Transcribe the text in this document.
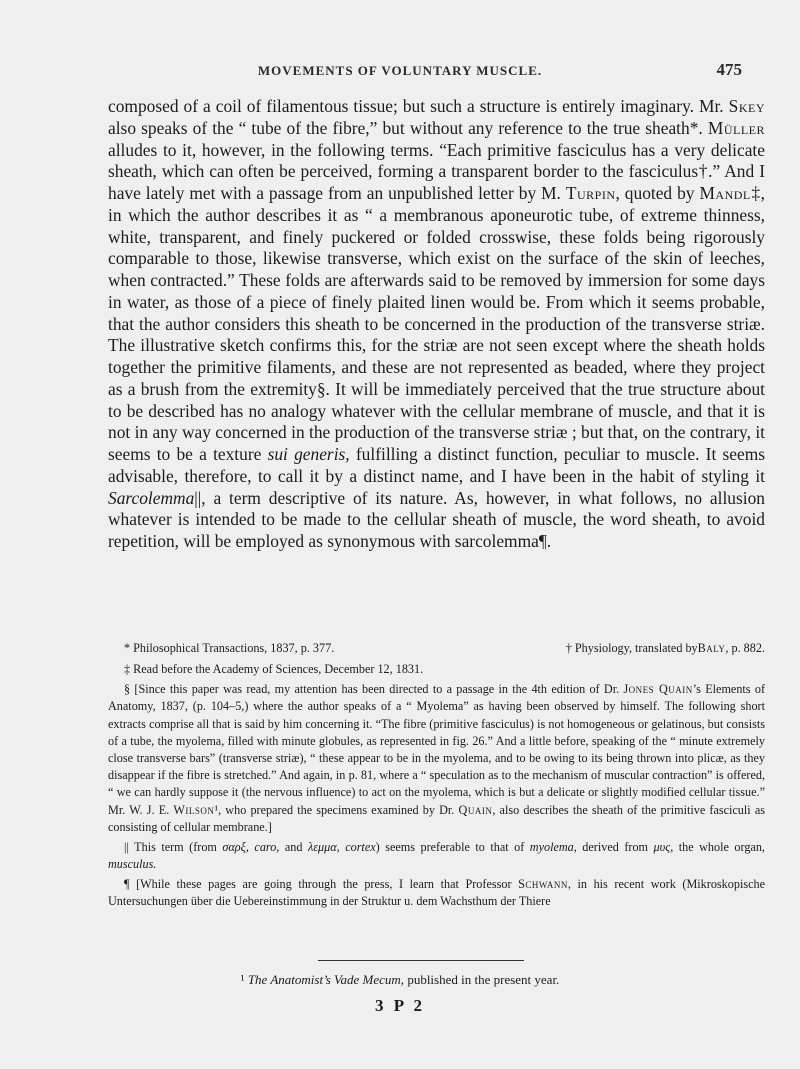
MOVEMENTS OF VOLUNTARY MUSCLE.	475

composed of a coil of filamentous tissue; but such a structure is entirely imaginary. Mr. Skey also speaks of the “ tube of the fibre,” but without any reference to the true sheath*. Müller alludes to it, however, in the following terms. “Each primitive fasciculus has a very delicate sheath, which can often be perceived, forming a transparent border to the fasciculus†.” And I have lately met with a passage from an unpublished letter by M. Turpin, quoted by Mandl‡, in which the author describes it as “ a membranous aponeurotic tube, of extreme thinness, white, transparent, and finely puckered or folded crosswise, these folds being rigorously comparable to those, likewise transverse, which exist on the surface of the skin of leeches, when contracted.” These folds are afterwards said to be removed by immersion for some days in water, as those of a piece of finely plaited linen would be. From which it seems probable, that the author considers this sheath to be concerned in the production of the transverse striæ. The illustrative sketch confirms this, for the striæ are not seen except where the sheath holds together the primitive filaments, and these are not represented as beaded, where they project as a brush from the extremity§. It will be immediately perceived that the true structure about to be described has no analogy whatever with the cellular membrane of muscle, and that it is not in any way concerned in the production of the transverse striæ ; but that, on the contrary, it seems to be a texture sui generis, fulfilling a distinct function, peculiar to muscle. It seems advisable, therefore, to call it by a distinct name, and I have been in the habit of styling it Sarcolemma||, a term descriptive of its nature. As, however, in what follows, no allusion whatever is intended to be made to the cellular sheath of muscle, the word sheath, to avoid repetition, will be employed as synonymous with sarcolemma¶.

* Philosophical Transactions, 1837, p. 377.	† Physiology, translated byBaly, p. 882.
‡ Read before the Academy of Sciences, December 12, 1831.
§ [Since this paper was read, my attention has been directed to a passage in the 4th edition of Dr. Jones Quain’s Elements of Anatomy, 1837, (p. 104–5,) where the author speaks of a “ Myolema” as having been observed by himself. The following short extracts comprise all that is said by him concerning it. “The fibre (primitive fasciculus) is not homogeneous or gelatinous, but consists of a tube, the myolema, filled with minute globules, as represented in fig. 26.” And a little before, speaking of the “ minute extremely close transverse bars” (transverse striæ), “ these appear to be in the myolema, and to be owing to its being thrown into plicæ, as they disappear if the fibre is stretched.” And again, in p. 81, where a “ speculation as to the mechanism of muscular contraction” is offered, “ we can hardly suppose it (the nervous influence) to act on the myolema, which is but a delicate or slightly modified cellular tissue.” Mr. W. J. E. Wilson¹, who prepared the specimens examined by Dr. Quain, also describes the sheath of the primitive fasciculi as consisting of cellular membrane.]
|| This term (from σαρξ, caro, and λεμμα, cortex) seems preferable to that of myolema, derived from μυς, the whole organ, musculus.
¶ [While these pages are going through the press, I learn that Professor Schwann, in his recent work (Mikroskopische Untersuchungen über die Uebereinstimmung in der Struktur u. dem Wachsthum der Thiere
¹ The Anatomist’s Vade Mecum, published in the present year.
3 P 2
